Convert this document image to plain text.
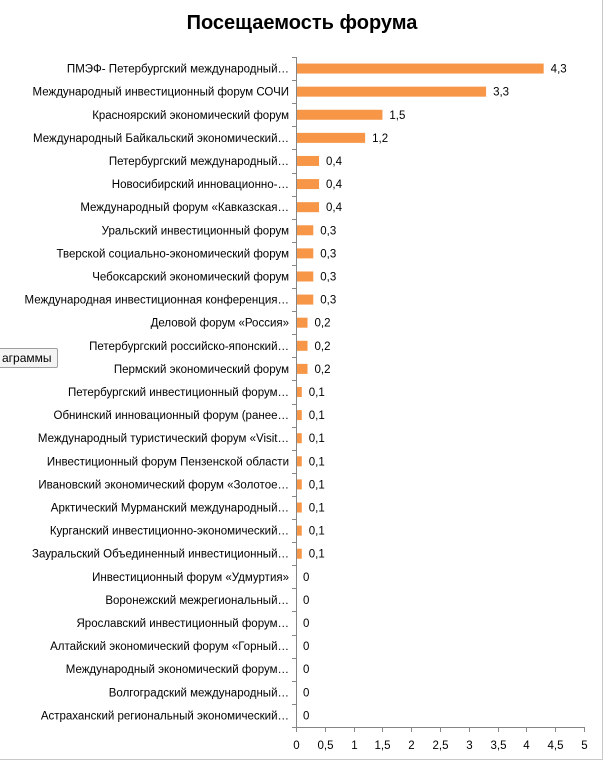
Посещаемость форума
0 0,5 1 1,5 2 2,5 3 3,5 4 4,5 5
ПМЭФ- Петербургский международный…	4,3
Международный инвестиционный форум СОЧИ	3,3
Красноярский экономический форум	1,5
Международный Байкальский экономический…	1,2
Петербургский международный…	0,4
Новосибирский инновационно-…	0,4
Международный форум «Кавказская…	0,4
Уральский инвестиционный форум	0,3
Тверской социально-экономический форум	0,3
Чебоксарский экономический форум	0,3
Международная инвестиционная конференция…	0,3
Деловой форум «Россия» 0,2
Петербургский российско-японский… 0,2
Пермский экономический форум 0,2
Петербургский инвестиционный форум… 0,1
Обнинский инновационный форум (ранее… 0,1
Международный туристический форум «Visit… 0,1
Инвестиционный форум Пензенской области 0,1
Ивановский экономический форум «Золотое… 0,1
Арктический Мурманский международный… 0,1
Курганский инвестиционно-экономический… 0,1
Зауральский Объединенный инвестиционный… 0,1
Инвестиционный форум «Удмуртия» 0
Воронежский межрегиональный… 0
Ярославский инвестиционный форум… 0
Алтайский экономический форум «Горный… 0
Международный экономический форум… 0
Волгоградский международный… 0
Астраханский региональный экономический… 0
аграммы
